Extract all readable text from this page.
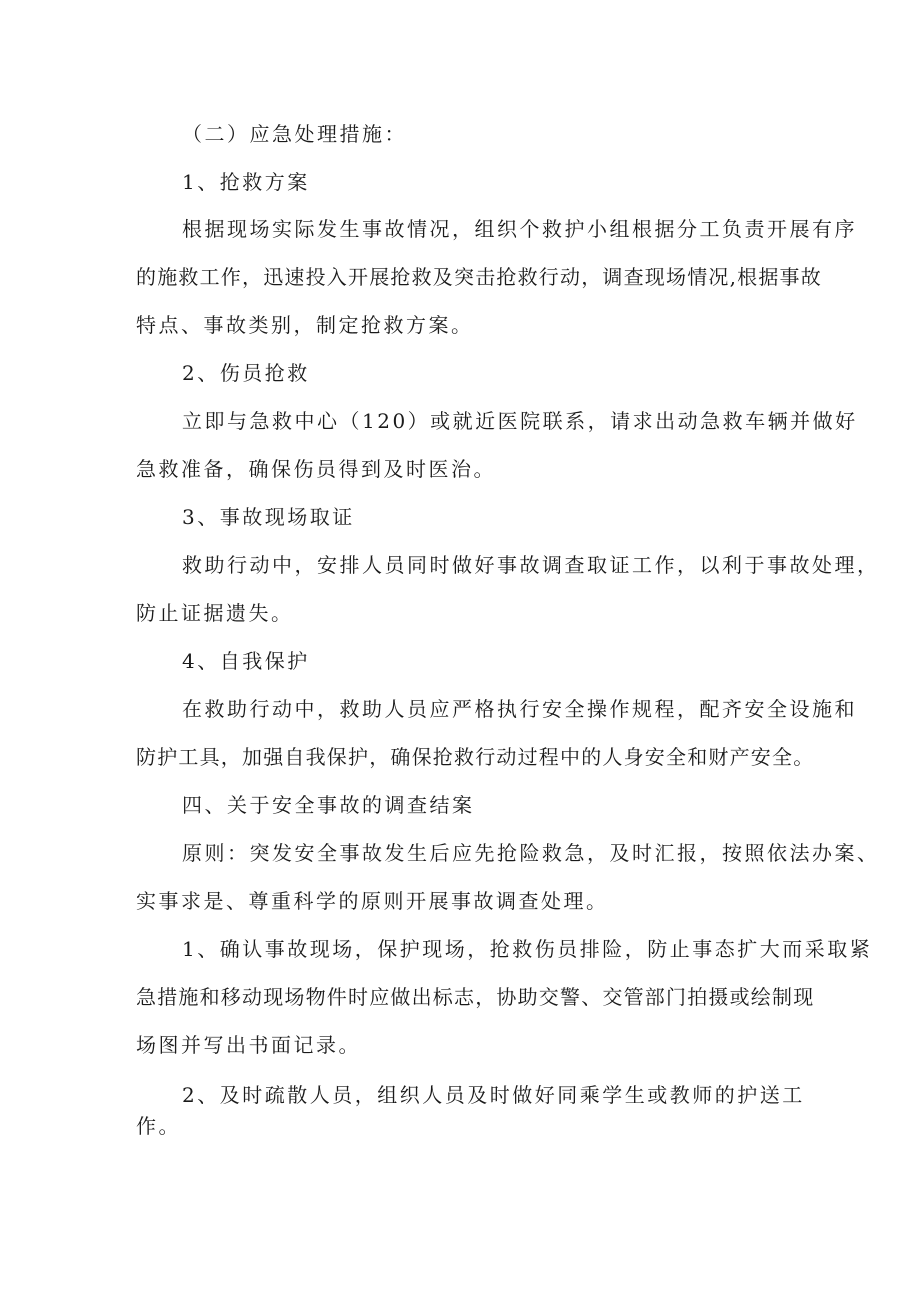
（二）应急处理措施：
1、抢救方案
根据现场实际发生事故情况，组织个救护小组根据分工负责开展有序
的施救工作，迅速投入开展抢救及突击抢救行动，调查现场情况,根据事故
特点、事故类别，制定抢救方案。
2、伤员抢救
立即与急救中心（120）或就近医院联系，请求出动急救车辆并做好
急救准备，确保伤员得到及时医治。
3、事故现场取证
救助行动中，安排人员同时做好事故调查取证工作，以利于事故处理，
防止证据遗失。
4、自我保护
在救助行动中，救助人员应严格执行安全操作规程，配齐安全设施和
防护工具，加强自我保护，确保抢救行动过程中的人身安全和财产安全。
四、关于安全事故的调查结案
原则：突发安全事故发生后应先抢险救急，及时汇报，按照依法办案、
实事求是、尊重科学的原则开展事故调查处理。
1、确认事故现场，保护现场，抢救伤员排险，防止事态扩大而采取紧
急措施和移动现场物件时应做出标志，协助交警、交管部门拍摄或绘制现
场图并写出书面记录。
2、及时疏散人员，组织人员及时做好同乘学生或教师的护送工
作。
